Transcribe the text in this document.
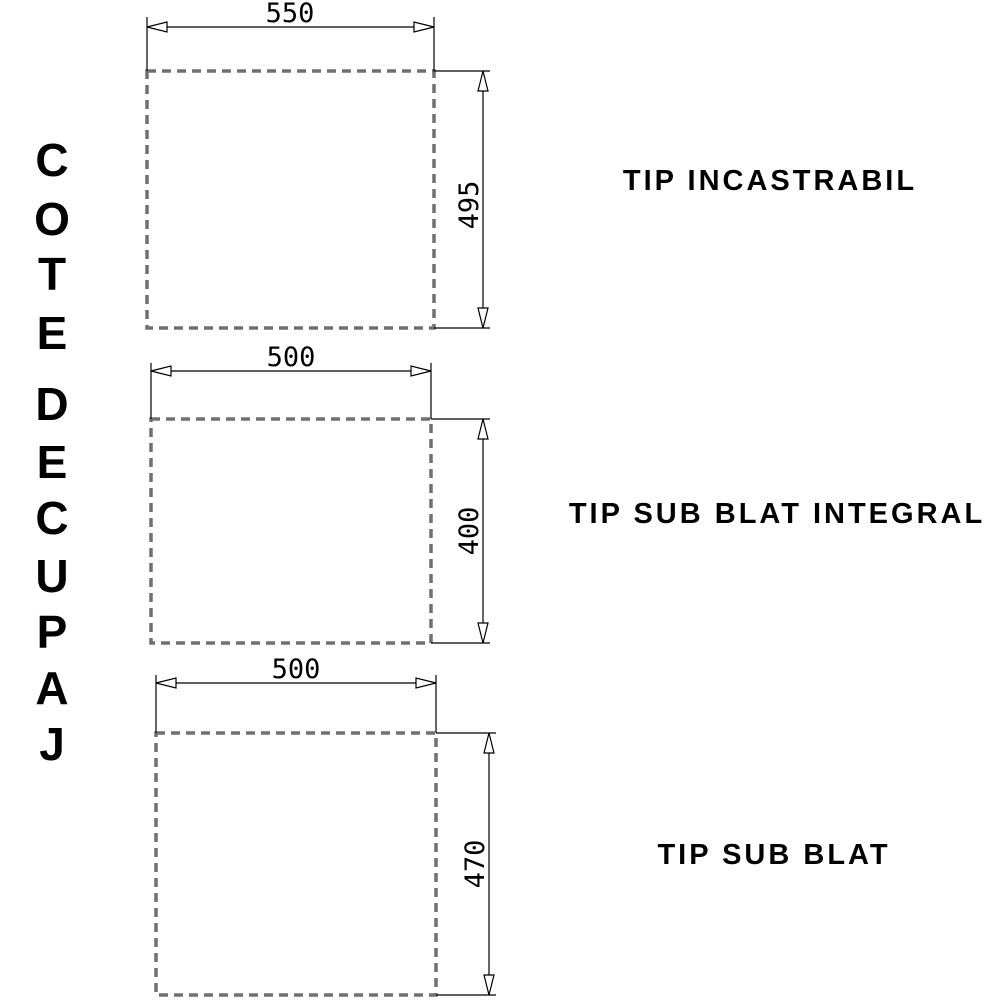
C
O
T
E
D
E
C
U
P
A
J
550
495	TIP INCASTRABIL
500
400	TIP SUB BLAT INTEGRAL
500
470	TIP SUB BLAT
